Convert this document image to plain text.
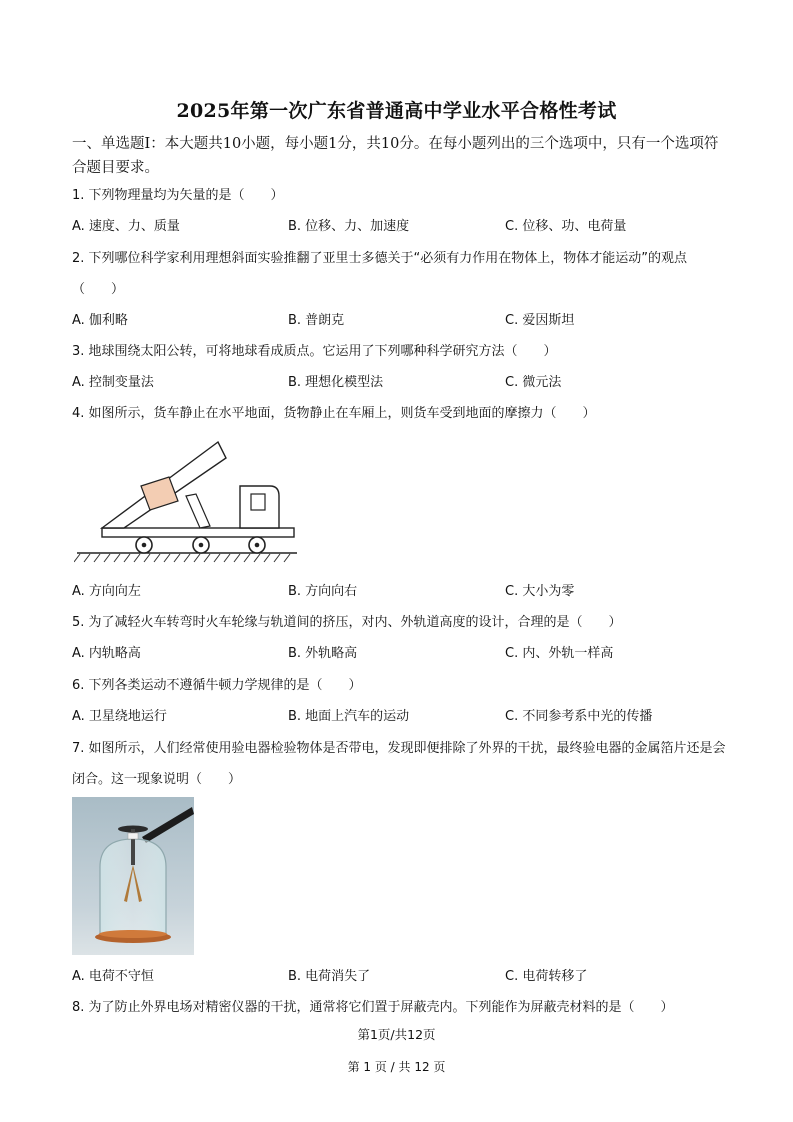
2025年第一次广东省普通高中学业水平合格性考试
一、单选题Ⅰ：本大题共10小题，每小题1分，共10分。在每小题列出的三个选项中，只有一个选项符合题目要求。
1. 下列物理量均为矢量的是（　　）
A. 速度、力、质量	B. 位移、力、加速度	C. 位移、功、电荷量
2. 下列哪位科学家利用理想斜面实验推翻了亚里士多德关于“必须有力作用在物体上，物体才能运动”的观点（　　）
A. 伽利略	B. 普朗克	C. 爱因斯坦
3. 地球围绕太阳公转，可将地球看成质点。它运用了下列哪种科学研究方法（　　）
A. 控制变量法	B. 理想化模型法	C. 微元法
4. 如图所示，货车静止在水平地面，货物静止在车厢上，则货车受到地面的摩擦力（　　）
A. 方向向左	B. 方向向右	C. 大小为零
5. 为了减轻火车转弯时火车轮缘与轨道间的挤压，对内、外轨道高度的设计，合理的是（　　）
A. 内轨略高	B. 外轨略高	C. 内、外轨一样高
6. 下列各类运动不遵循牛顿力学规律的是（　　）
A. 卫星绕地运行	B. 地面上汽车的运动	C. 不同参考系中光的传播
7. 如图所示，人们经常使用验电器检验物体是否带电，发现即便排除了外界的干扰，最终验电器的金属箔片还是会闭合。这一现象说明（　　）
A. 电荷不守恒	B. 电荷消失了	C. 电荷转移了
8. 为了防止外界电场对精密仪器的干扰，通常将它们置于屏蔽壳内。下列能作为屏蔽壳材料的是（　　）
第1页/共12页
第 1 页 / 共 12 页
